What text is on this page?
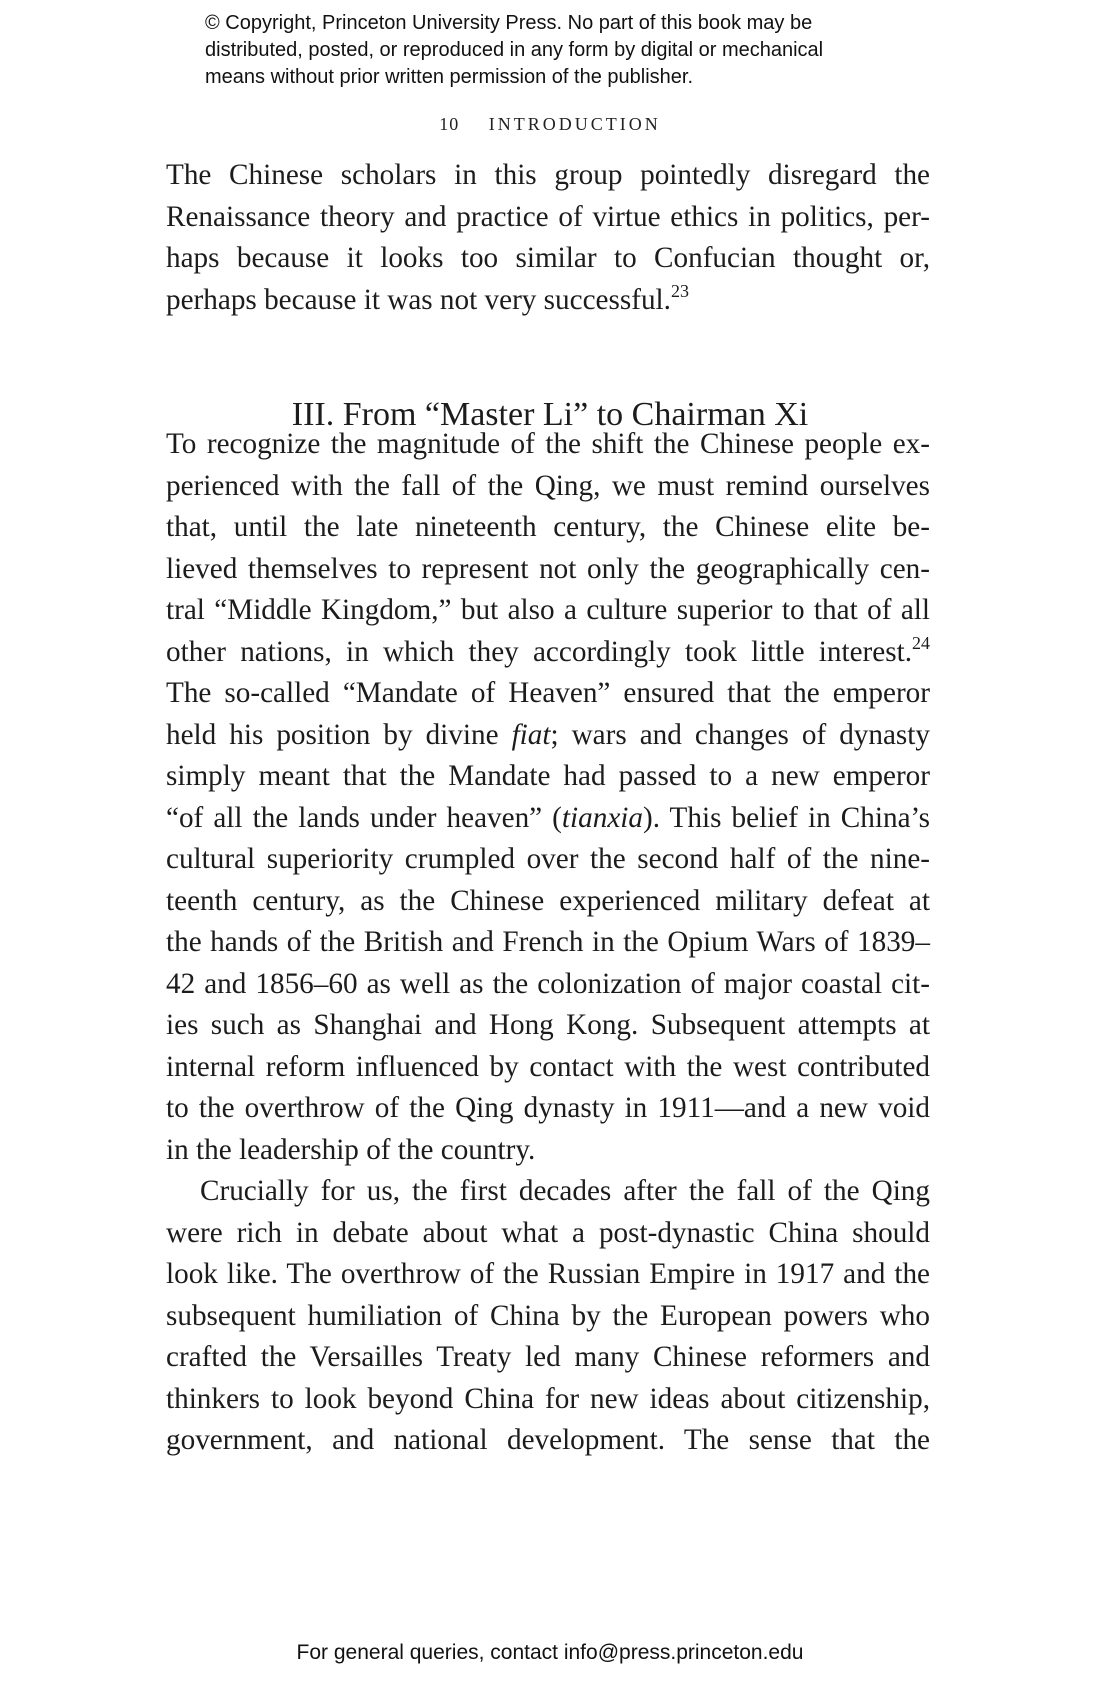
© Copyright, Princeton University Press. No part of this book may be
distributed, posted, or reproduced in any form by digital or mechanical
means without prior written permission of the publisher.
10 INTRODUCTION
The Chinese scholars in this group pointedly disregard the
Renaissance theory and practice of virtue ethics in politics, per-
haps because it looks too similar to Confucian thought or,
perhaps because it was not very successful.$^{23}$
III. From “Master Li” to Chairman Xi
To recognize the magnitude of the shift the Chinese people ex-
perienced with the fall of the Qing, we must remind ourselves
that, until the late nineteenth century, the Chinese elite be-
lieved themselves to represent not only the geographically cen-
tral “Middle Kingdom,” but also a culture superior to that of all
other nations, in which they accordingly took little interest.$^{24}$
The so-called “Mandate of Heaven” ensured that the emperor
held his position by divine fiat; wars and changes of dynasty
simply meant that the Mandate had passed to a new emperor
“of all the lands under heaven” (tianxia). This belief in China’s
cultural superiority crumpled over the second half of the nine-
teenth century, as the Chinese experienced military defeat at
the hands of the British and French in the Opium Wars of 1839–
42 and 1856–60 as well as the colonization of major coastal cit-
ies such as Shanghai and Hong Kong. Subsequent attempts at
internal reform influenced by contact with the west contributed
to the overthrow of the Qing dynasty in 1911—and a new void
in the leadership of the country.
Crucially for us, the first decades after the fall of the Qing
were rich in debate about what a post-dynastic China should
look like. The overthrow of the Russian Empire in 1917 and the
subsequent humiliation of China by the European powers who
crafted the Versailles Treaty led many Chinese reformers and
thinkers to look beyond China for new ideas about citizenship,
government, and national development. The sense that the
For general queries, contact info@press.princeton.edu
